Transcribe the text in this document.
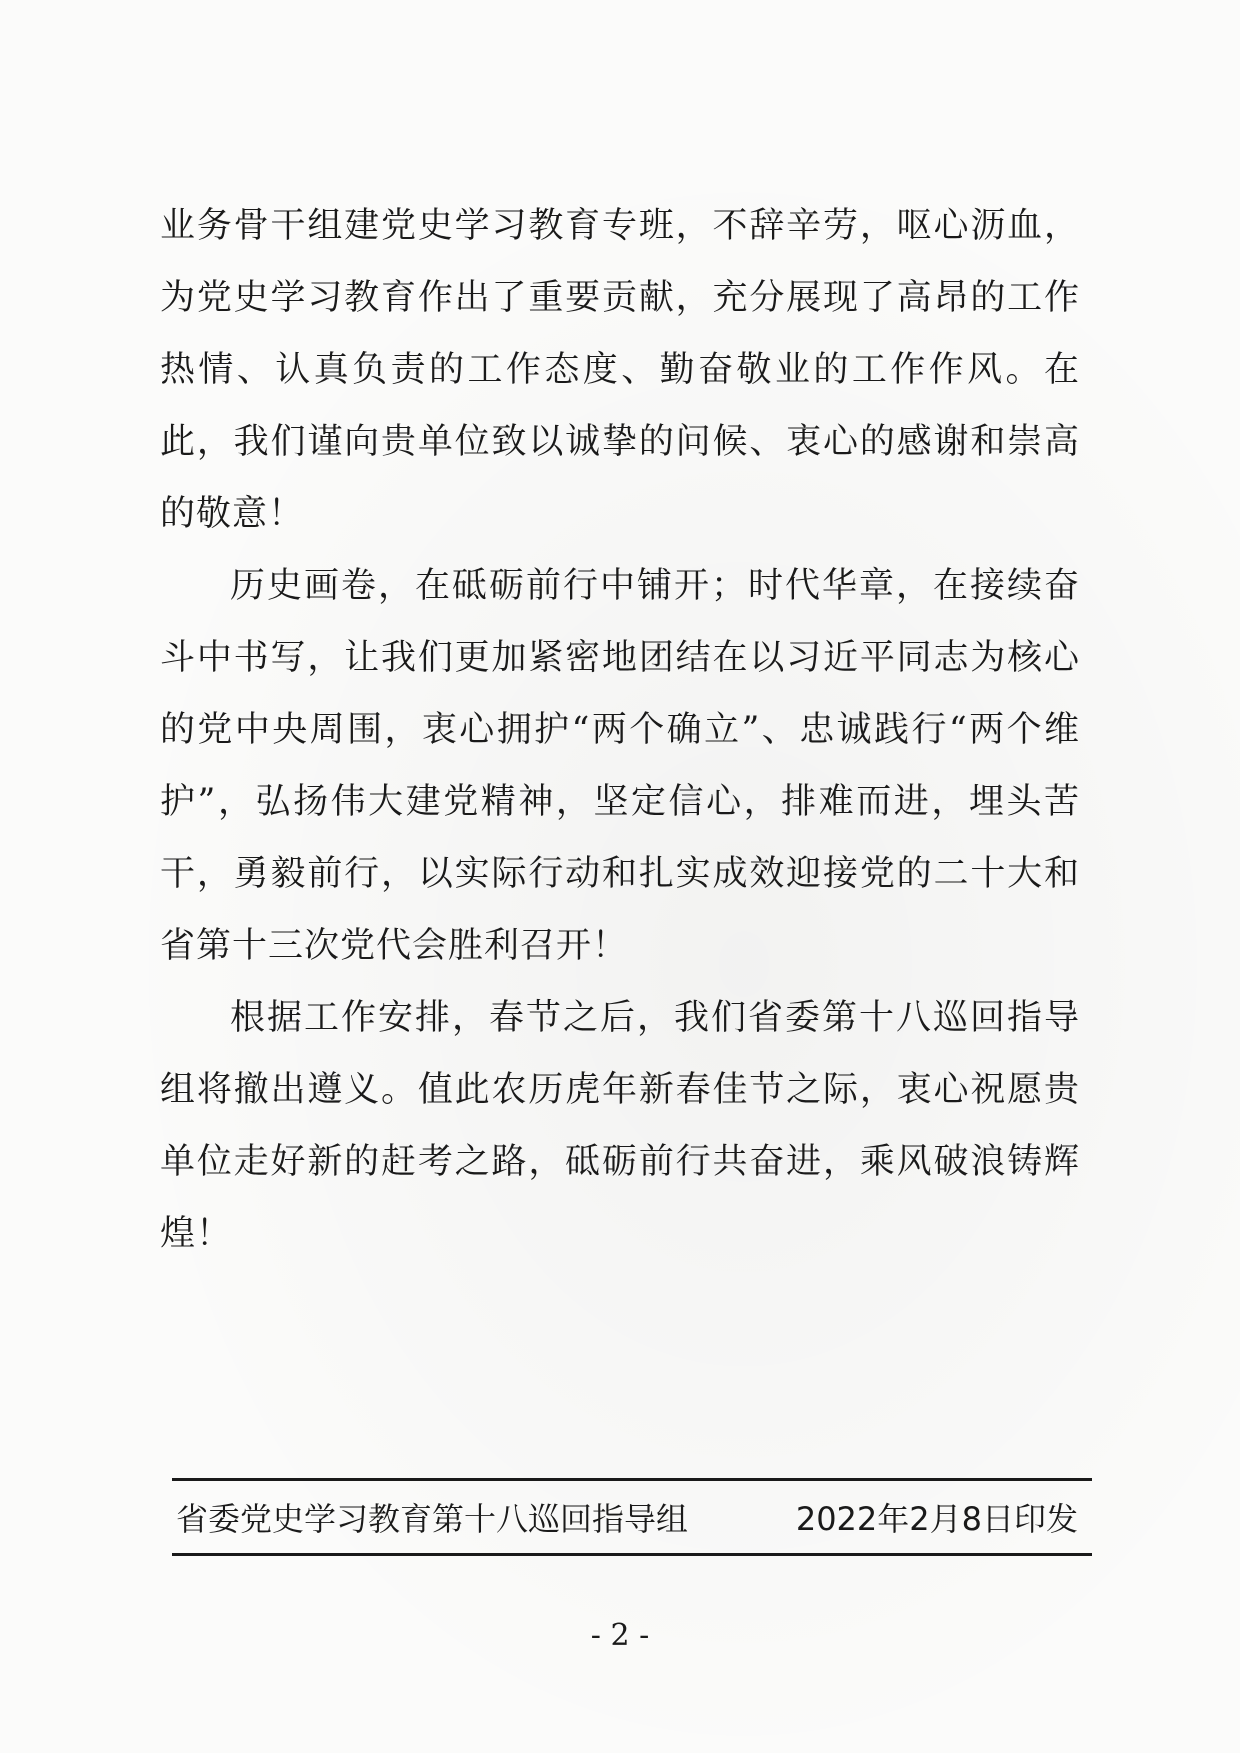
业务骨干组建党史学习教育专班，不辞辛劳，呕心沥血，为党史学习教育作出了重要贡献，充分展现了高昂的工作热情、认真负责的工作态度、勤奋敬业的工作作风。在此，我们谨向贵单位致以诚挚的问候、衷心的感谢和崇高的敬意！

历史画卷，在砥砺前行中铺开；时代华章，在接续奋斗中书写，让我们更加紧密地团结在以习近平同志为核心的党中央周围，衷心拥护“两个确立”、忠诚践行“两个维护”，弘扬伟大建党精神，坚定信心，排难而进，埋头苦干，勇毅前行，以实际行动和扎实成效迎接党的二十大和省第十三次党代会胜利召开！

根据工作安排，春节之后，我们省委第十八巡回指导组将撤出遵义。值此农历虎年新春佳节之际，衷心祝愿贵单位走好新的赶考之路，砥砺前行共奋进，乘风破浪铸辉煌！

省委党史学习教育第十八巡回指导组	2022年2月8日印发
- 2 -
